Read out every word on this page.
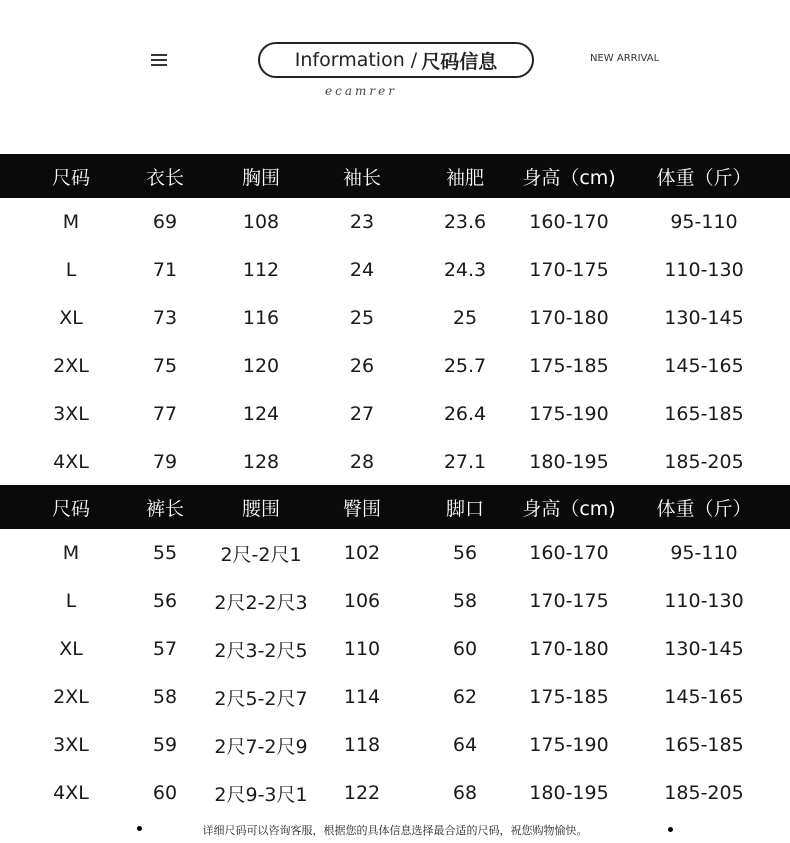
Information / 尺码信息
ecamrer
NEW ARRIVAL
尺码	衣长	胸围	袖长	袖肥 身高（cm) 体重（斤）
M	69	108	23	23.6 160-170	95-110
L	71	112	24	24.3 170-175	110-130
XL	73	116	25	25	170-180	130-145
2XL	75	120	26	25.7 175-185	145-165
3XL	77	124	27	26.4 175-190	165-185
4XL	79	128	28	27.1 180-195	185-205
尺码	裤长	腰围	臀围	脚口 身高（cm) 体重（斤）
M	55 2尺-2尺1 102	56	160-170	95-110
L	56 2尺2-2尺3 106	58	170-175	110-130
XL	57 2尺3-2尺5 110	60	170-180	130-145
2XL	58 2尺5-2尺7 114	62	175-185	145-165
3XL	59 2尺7-2尺9 118	64	175-190	165-185
4XL	60 2尺9-3尺1 122	68	180-195	185-205
详细尺码可以咨询客服，根据您的具体信息选择最合适的尺码，祝您购物愉快。
